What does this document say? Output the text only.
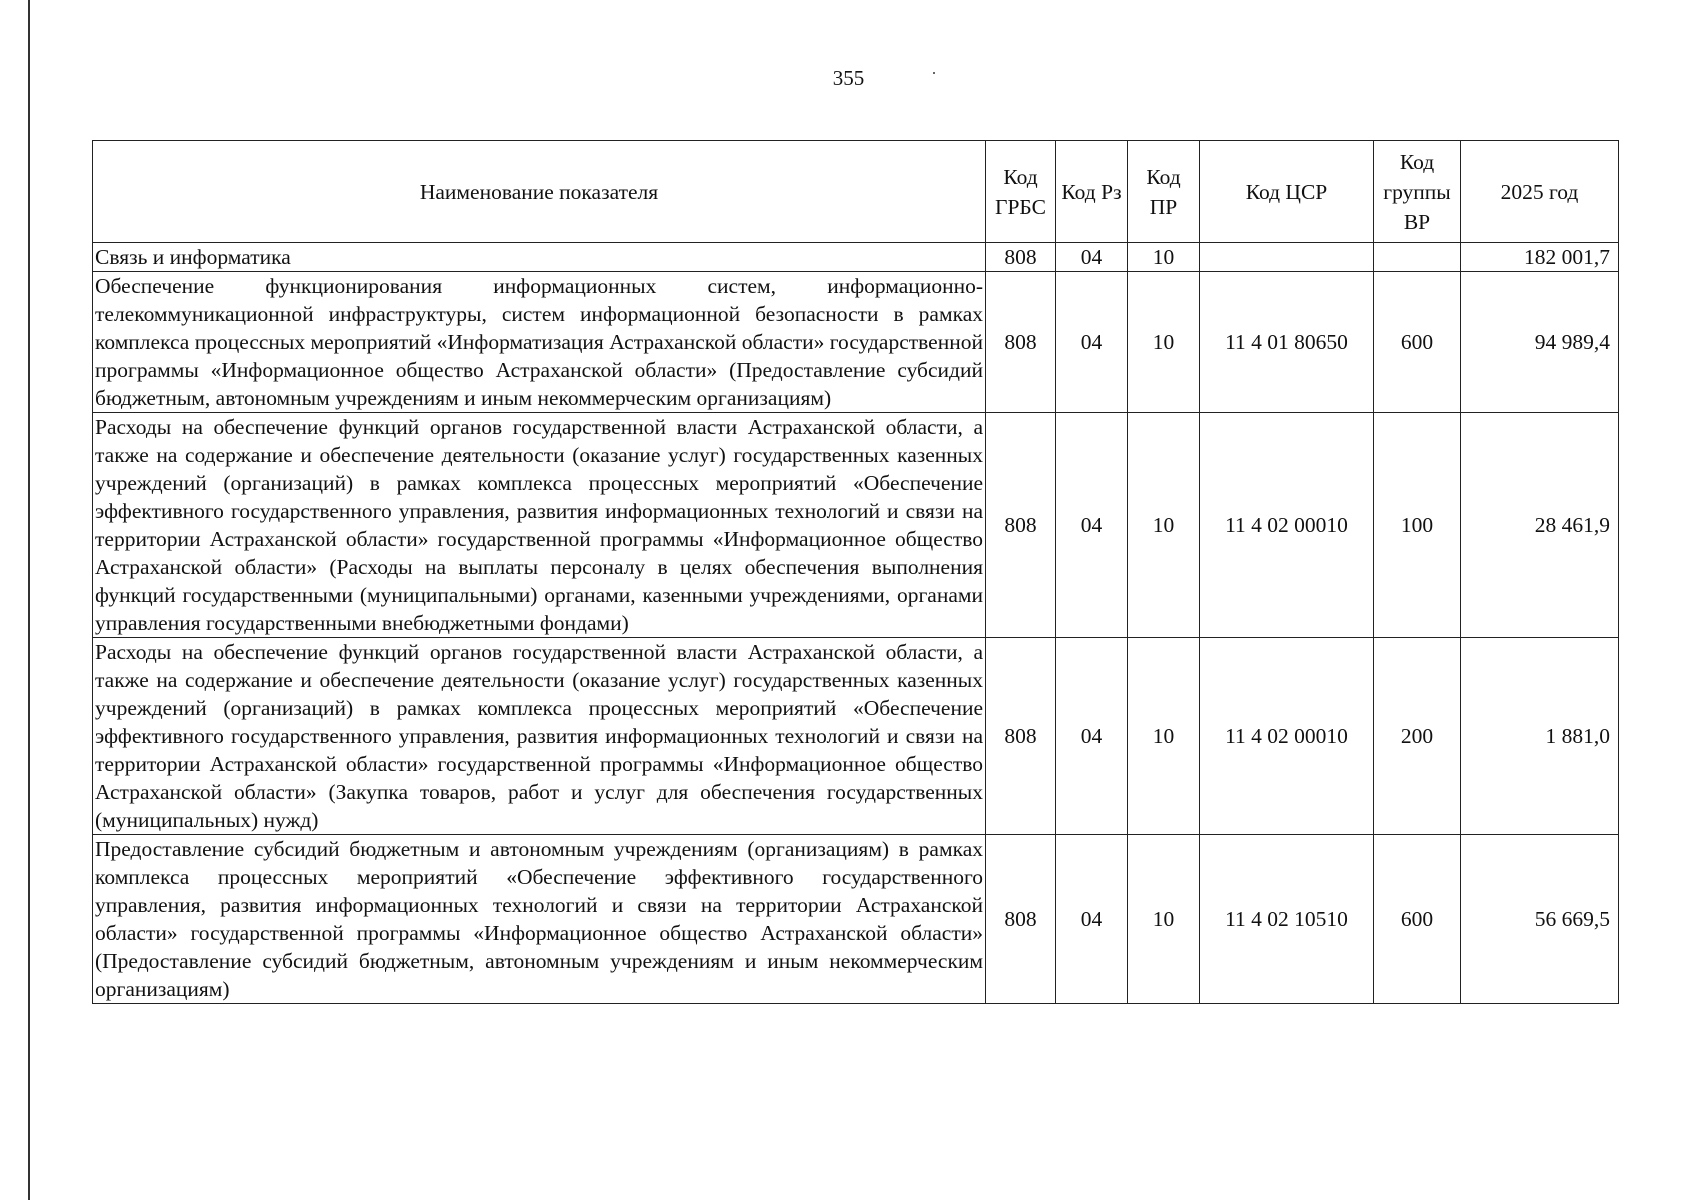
355
Наименование показателя	Код ГРБС	Код Рз	Код ПР	Код ЦСР	Код группы ВР	2025 год
Связь и информатика	808	04	10			182 001,7
Обеспечение функционирования информационных систем, информационно-телекоммуникационной инфраструктуры, систем информационной безопасности в рамках комплекса процессных мероприятий «Информатизация Астраханской области» государственной программы «Информационное общество Астраханской области» (Предоставление субсидий бюджетным, автономным учреждениям и иным некоммерческим организациям)	808	04	10	11 4 01 80650	600	94 989,4
Расходы на обеспечение функций органов государственной власти Астраханской области, а также на содержание и обеспечение деятельности (оказание услуг) государственных казенных учреждений (организаций) в рамках комплекса процессных мероприятий «Обеспечение эффективного государственного управления, развития информационных технологий и связи на территории Астраханской области» государственной программы «Информационное общество Астраханской области» (Расходы на выплаты персоналу в целях обеспечения выполнения функций государственными (муниципальными) органами, казенными учреждениями, органами управления государственными внебюджетными фондами)	808	04	10	11 4 02 00010	100	28 461,9
Расходы на обеспечение функций органов государственной власти Астраханской области, а также на содержание и обеспечение деятельности (оказание услуг) государственных казенных учреждений (организаций) в рамках комплекса процессных мероприятий «Обеспечение эффективного государственного управления, развития информационных технологий и связи на территории Астраханской области» государственной программы «Информационное общество Астраханской области» (Закупка товаров, работ и услуг для обеспечения государственных (муниципальных) нужд)	808	04	10	11 4 02 00010	200	1 881,0
Предоставление субсидий бюджетным и автономным учреждениям (организациям) в рамках комплекса процессных мероприятий «Обеспечение эффективного государственного управления, развития информационных технологий и связи на территории Астраханской области» государственной программы «Информационное общество Астраханской области» (Предоставление субсидий бюджетным, автономным учреждениям и иным некоммерческим организациям)	808	04	10	11 4 02 10510	600	56 669,5
